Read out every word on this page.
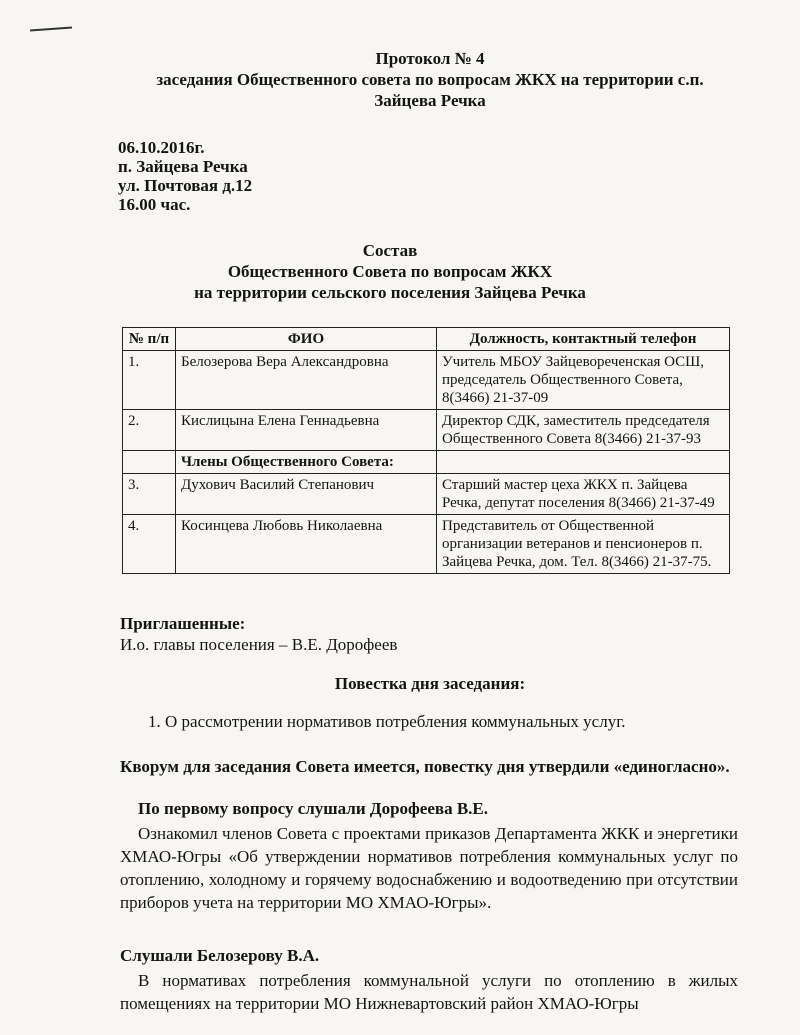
Протокол № 4
заседания Общественного совета по вопросам ЖКХ на территории с.п.
Зайцева Речка
06.10.2016г.
п. Зайцева Речка
ул. Почтовая д.12
16.00 час.
Состав
Общественного Совета по вопросам ЖКХ
на территории сельского поселения Зайцева Речка
№ п/п	ФИО	Должность, контактный телефон
1.	Белозерова Вера Александровна	Учитель МБОУ Зайцевореченская ОСШ, председатель Общественного Совета, 8(3466) 21-37-09
2.	Кислицына Елена Геннадьевна	Директор СДК, заместитель председателя Общественного Совета 8(3466) 21-37-93
	Члены Общественного Совета:	
3.	Духович Василий Степанович	Старший мастер цеха ЖКХ п. Зайцева Речка, депутат поселения 8(3466) 21-37-49
4.	Косинцева Любовь Николаевна	Представитель от Общественной организации ветеранов и пенсионеров п. Зайцева Речка, дом. Тел. 8(3466) 21-37-75.
Приглашенные:
И.о. главы поселения – В.Е. Дорофеев
Повестка дня заседания:
1. О рассмотрении нормативов потребления коммунальных услуг.
Кворум для заседания Совета имеется, повестку дня утвердили «единогласно».
По первому вопросу слушали Дорофеева В.Е.
Ознакомил членов Совета с проектами приказов Департамента ЖКК и энергетики ХМАО-Югры «Об утверждении нормативов потребления коммунальных услуг по отоплению, холодному и горячему водоснабжению и водоотведению при отсутствии приборов учета на территории МО ХМАО-Югры».
Слушали Белозерову В.А.
В нормативах потребления коммунальной услуги по отоплению в жилых помещениях на территории МО Нижневартовский район ХМАО-Югры
